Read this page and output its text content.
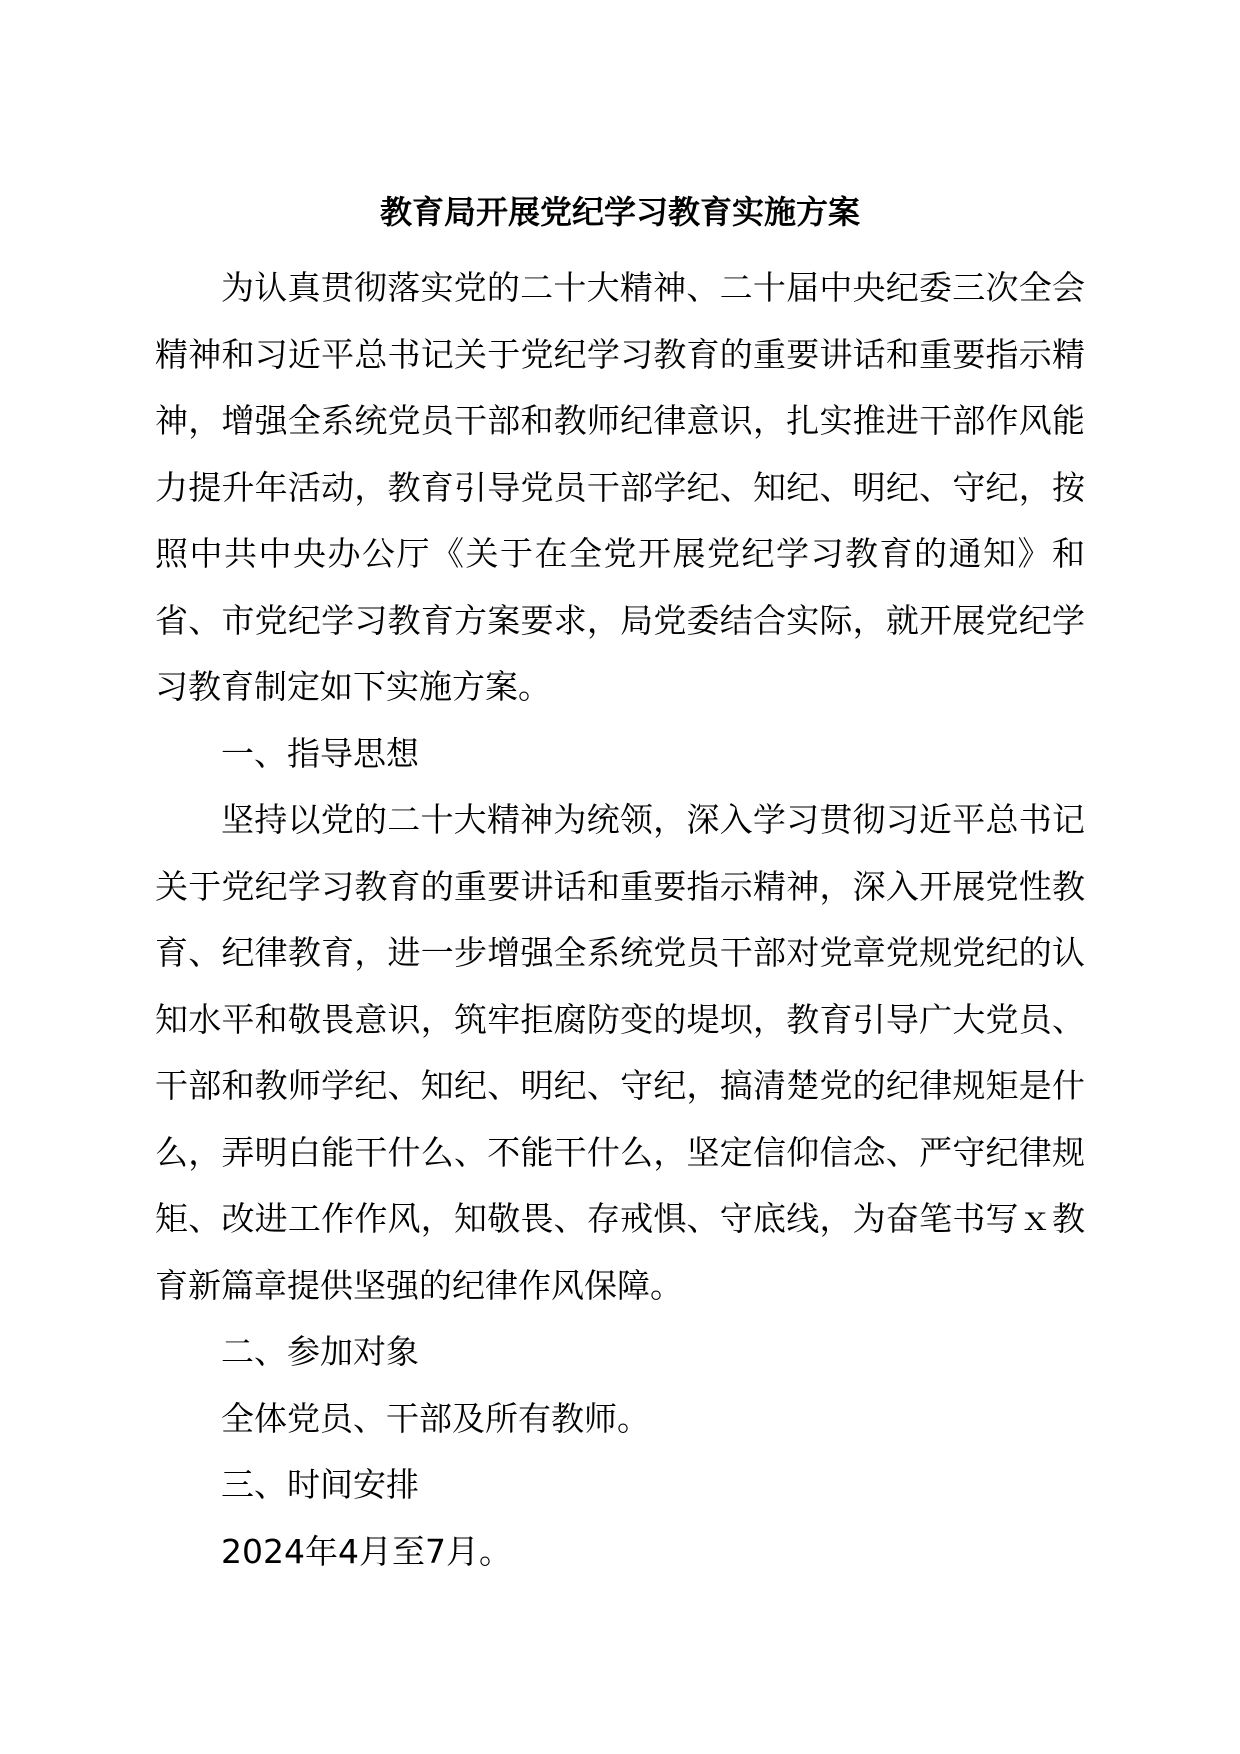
教育局开展党纪学习教育实施方案

为认真贯彻落实党的二十大精神、二十届中央纪委三次全会精神和习近平总书记关于党纪学习教育的重要讲话和重要指示精神，增强全系统党员干部和教师纪律意识，扎实推进干部作风能力提升年活动，教育引导党员干部学纪、知纪、明纪、守纪，按照中共中央办公厅《关于在全党开展党纪学习教育的通知》和省、市党纪学习教育方案要求，局党委结合实际，就开展党纪学习教育制定如下实施方案。

一、指导思想

坚持以党的二十大精神为统领，深入学习贯彻习近平总书记关于党纪学习教育的重要讲话和重要指示精神，深入开展党性教育、纪律教育，进一步增强全系统党员干部对党章党规党纪的认知水平和敬畏意识，筑牢拒腐防变的堤坝，教育引导广大党员、干部和教师学纪、知纪、明纪、守纪，搞清楚党的纪律规矩是什么，弄明白能干什么、不能干什么，坚定信仰信念、严守纪律规矩、改进工作作风，知敬畏、存戒惧、守底线，为奋笔书写ｘ教育新篇章提供坚强的纪律作风保障。

二、参加对象

全体党员、干部及所有教师。

三、时间安排

2024年4月至7月。
